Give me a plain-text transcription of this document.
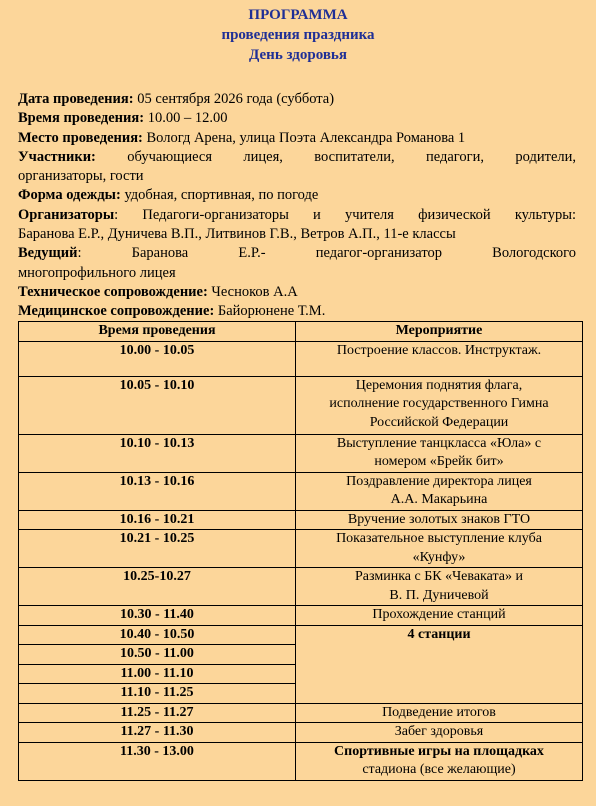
ПРОГРАММА
проведения праздника
День здоровья

Дата проведения: 05 сентября 2026 года (суббота)

Время проведения: 10.00 – 12.00

Место проведения: Вологд Арена, улица Поэта Александра Романова 1

Участники: обучающиеся лицея, воспитатели, педагоги, родители,

организаторы, гости

Форма одежды: удобная, спортивная, по погоде

Организаторы: Педагоги-организаторы и учителя физической культуры:

Баранова Е.Р., Дуничева В.П., Литвинов Г.В., Ветров А.П., 11-е классы

Ведущий: Баранова Е.Р.- педагог-организатор Вологодского

многопрофильного лицея

Техническое сопровождение: Чесноков А.А

Медицинское сопровождение: Байорюнене Т.М.

Время проведения	Мероприятие
10.00 - 10.05	Построение классов. Инструктаж.

10.05 - 10.10	Церемония поднятия флага,
исполнение государственного Гимна
Российской Федерации

10.10 - 10.13	Выступление танцкласса «Юла» с
номером «Брейк бит»

10.13 - 10.16	Поздравление директора лицея
А.А. Макарьина

10.16 - 10.21	Вручение золотых знаков ГТО

10.21 - 10.25	Показательное выступление клуба
«Кунфу»

10.25-10.27	Разминка с БК «Чеваката» и
В. П. Дуничевой

10.30 - 11.40	Прохождение станций

10.40 - 10.50	4 станции
10.50 - 11.00	
11.00 - 11.10	
11.10 - 11.25	
11.25 - 11.27	Подведение итогов

11.27 - 11.30	Забег здоровья

11.30 - 13.00	Спортивные игры на площадках
стадиона (все желающие)
